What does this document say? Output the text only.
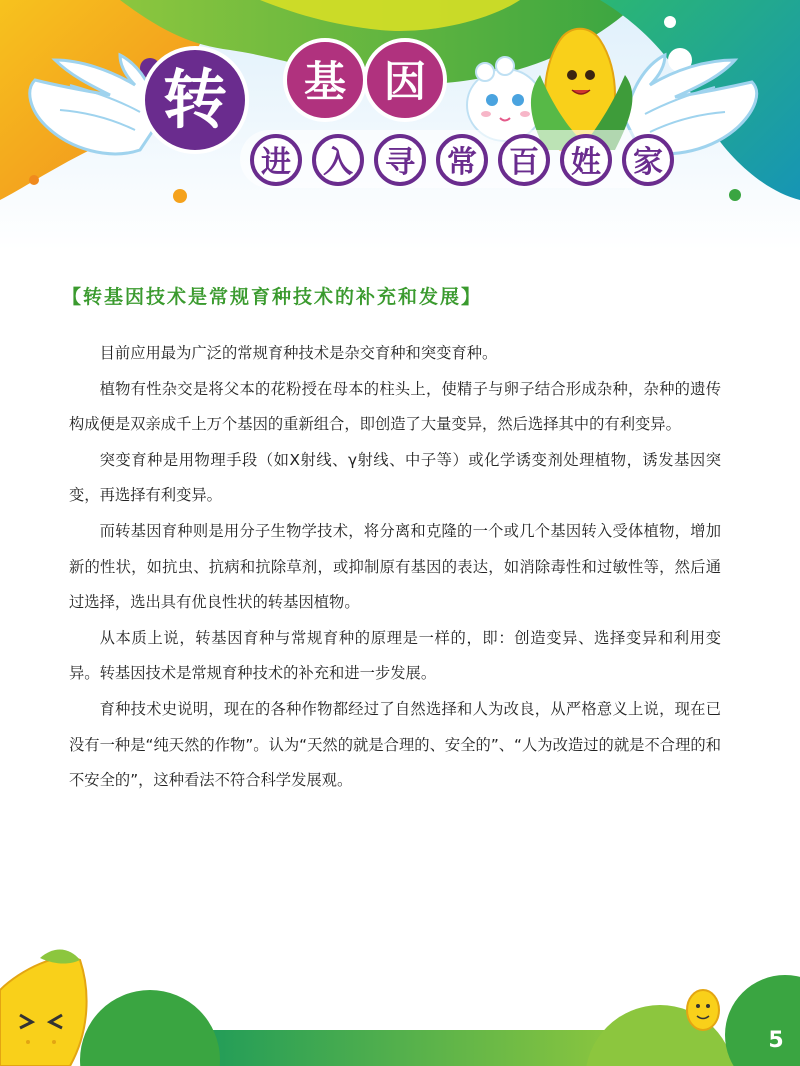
转 基 因
进 入 寻 常 百 姓 家
【转基因技术是常规育种技术的补充和发展】

目前应用最为广泛的常规育种技术是杂交育种和突变育种。

植物有性杂交是将父本的花粉授在母本的柱头上，使精子与卵子结合形成杂种，杂种的遗传构成便是双亲成千上万个基因的重新组合，即创造了大量变异，然后选择其中的有利变异。

突变育种是用物理手段（如X射线、γ射线、中子等）或化学诱变剂处理植物，诱发基因突变，再选择有利变异。

而转基因育种则是用分子生物学技术，将分离和克隆的一个或几个基因转入受体植物，增加新的性状，如抗虫、抗病和抗除草剂，或抑制原有基因的表达，如消除毒性和过敏性等，然后通过选择，选出具有优良性状的转基因植物。

从本质上说，转基因育种与常规育种的原理是一样的，即：创造变异、选择变异和利用变异。转基因技术是常规育种技术的补充和进一步发展。

育种技术史说明，现在的各种作物都经过了自然选择和人为改良，从严格意义上说，现在已没有一种是“纯天然的作物”。认为“天然的就是合理的、安全的”、“人为改造过的就是不合理的和不安全的”，这种看法不符合科学发展观。

5
